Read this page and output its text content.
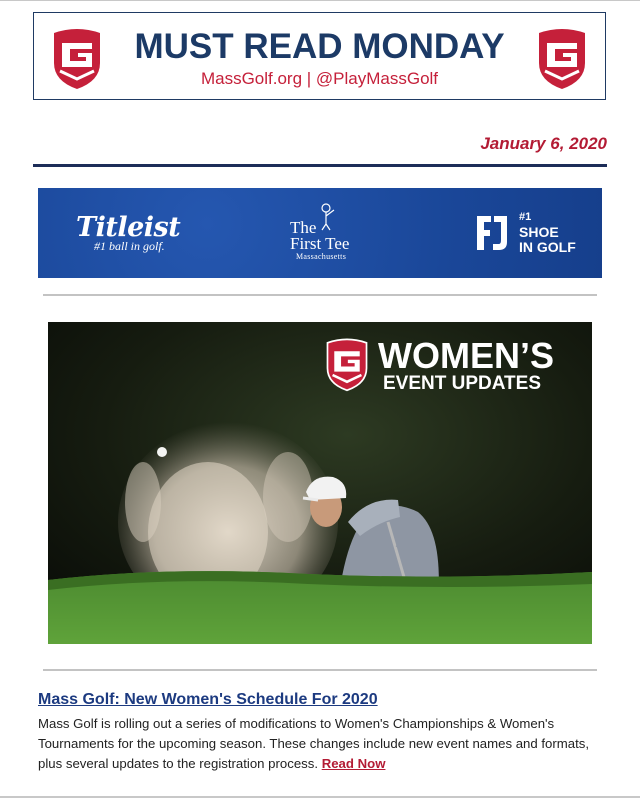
MUST READ MONDAY
MassGolf.org | @PlayMassGolf
January 6, 2020
Titleist
#1 ball in golf.
The
First Tee
Massachusetts
#1
SHOE
IN GOLF
WOMEN’S
EVENT UPDATES
Mass Golf: New Women's Schedule For 2020
Mass Golf is rolling out a series of modifications to Women's Championships & Women's Tournaments for the upcoming season. These changes include new event names and formats, plus several updates to the registration process. Read Now
